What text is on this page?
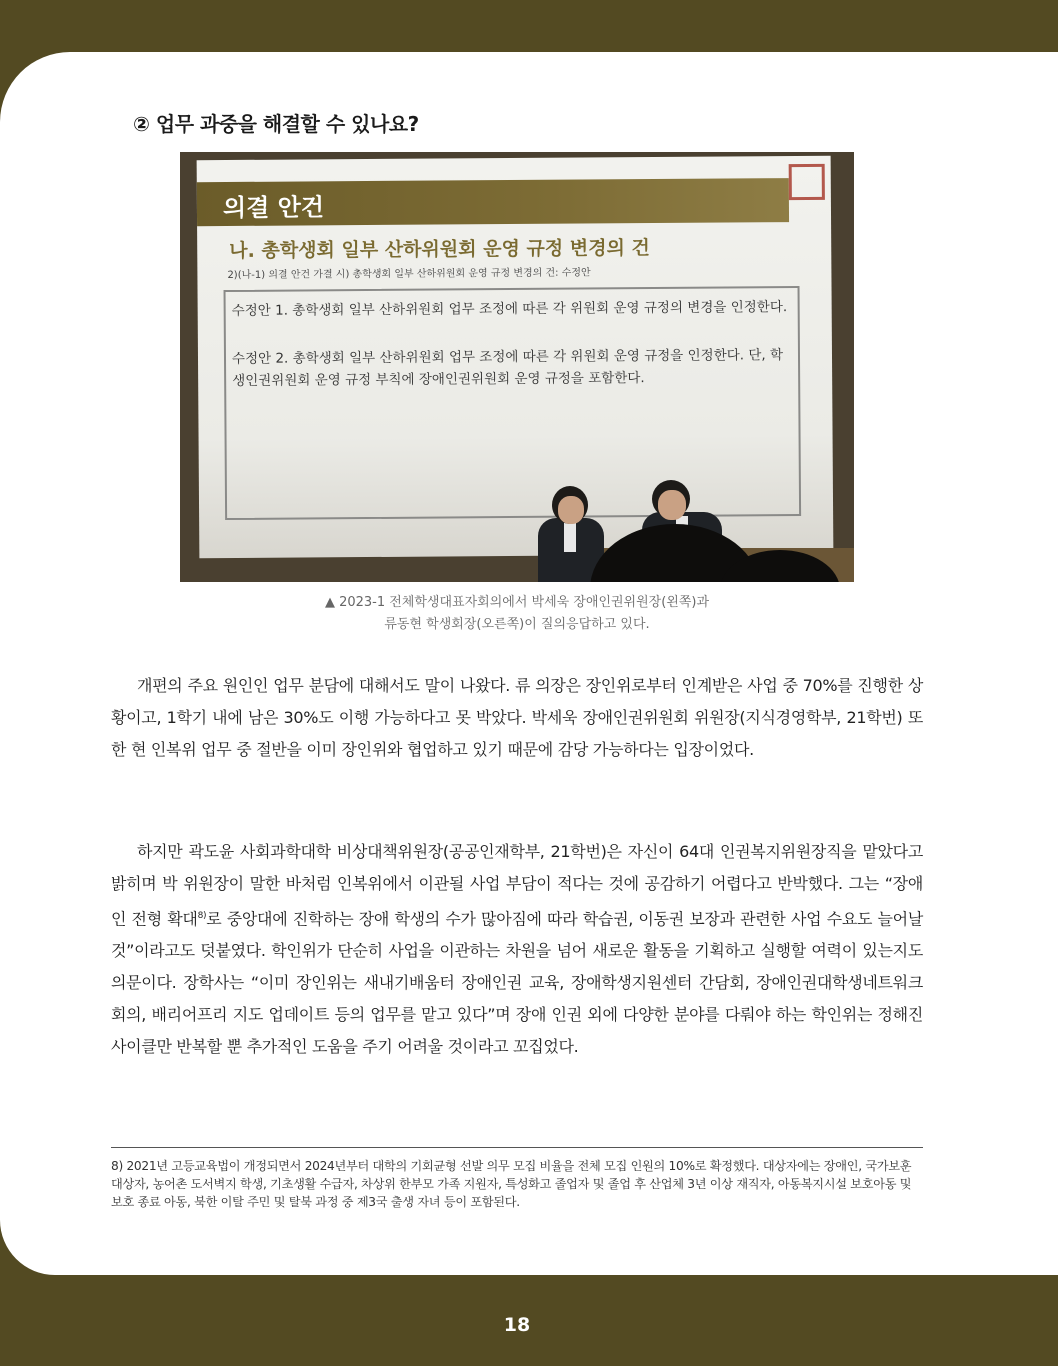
② 업무 과중을 해결할 수 있나요?
의결 안건
나. 총학생회 일부 산하위원회 운영 규정 변경의 건
2)(나-1) 의결 안건 가결 시) 총학생회 일부 산하위원회 운영 규정 변경의 건: 수정안

수정안 1. 총학생회 일부 산하위원회 업무 조정에 따른 각 위원회 운영 규정의 변경을 인정한다.

수정안 2. 총학생회 일부 산하위원회 업무 조정에 따른 각 위원회 운영 규정을 인정한다. 단, 학생인권위원회 운영 규정 부칙에 장애인권위원회 운영 규정을 포함한다.

▲ 2023-1 전체학생대표자회의에서 박세욱 장애인권위원장(왼쪽)과
류동현 학생회장(오른쪽)이 질의응답하고 있다.
개편의 주요 원인인 업무 분담에 대해서도 말이 나왔다. 류 의장은 장인위로부터 인계받은 사업 중 70%를 진행한 상황이고, 1학기 내에 남은 30%도 이행 가능하다고 못 박았다. 박세욱 장애인권위원회 위원장(지식경영학부, 21학번) 또한 현 인복위 업무 중 절반을 이미 장인위와 협업하고 있기 때문에 감당 가능하다는 입장이었다.
하지만 곽도윤 사회과학대학 비상대책위원장(공공인재학부, 21학번)은 자신이 64대 인권복지위원장직을 맡았다고 밝히며 박 위원장이 말한 바처럼 인복위에서 이관될 사업 부담이 적다는 것에 공감하기 어렵다고 반박했다. 그는 “장애인 전형 확대$^{8)}$로 중앙대에 진학하는 장애 학생의 수가 많아짐에 따라 학습권, 이동권 보장과 관련한 사업 수요도 늘어날 것”이라고도 덧붙였다. 학인위가 단순히 사업을 이관하는 차원을 넘어 새로운 활동을 기획하고 실행할 여력이 있는지도 의문이다. 장학사는 “이미 장인위는 새내기배움터 장애인권 교육, 장애학생지원센터 간담회, 장애인권대학생네트워크 회의, 배리어프리 지도 업데이트 등의 업무를 맡고 있다”며 장애 인권 외에 다양한 분야를 다뤄야 하는 학인위는 정해진 사이클만 반복할 뿐 추가적인 도움을 주기 어려울 것이라고 꼬집었다.
8) 2021년 고등교육법이 개정되면서 2024년부터 대학의 기회균형 선발 의무 모집 비율을 전체 모집 인원의 10%로 확정했다. 대상자에는 장애인, 국가보훈 대상자, 농어촌 도서벽지 학생, 기초생활 수급자, 차상위 한부모 가족 지원자, 특성화고 졸업자 및 졸업 후 산업체 3년 이상 재직자, 아동복지시설 보호아동 및 보호 종료 아동, 북한 이탈 주민 및 탈북 과정 중 제3국 출생 자녀 등이 포함된다.
18
